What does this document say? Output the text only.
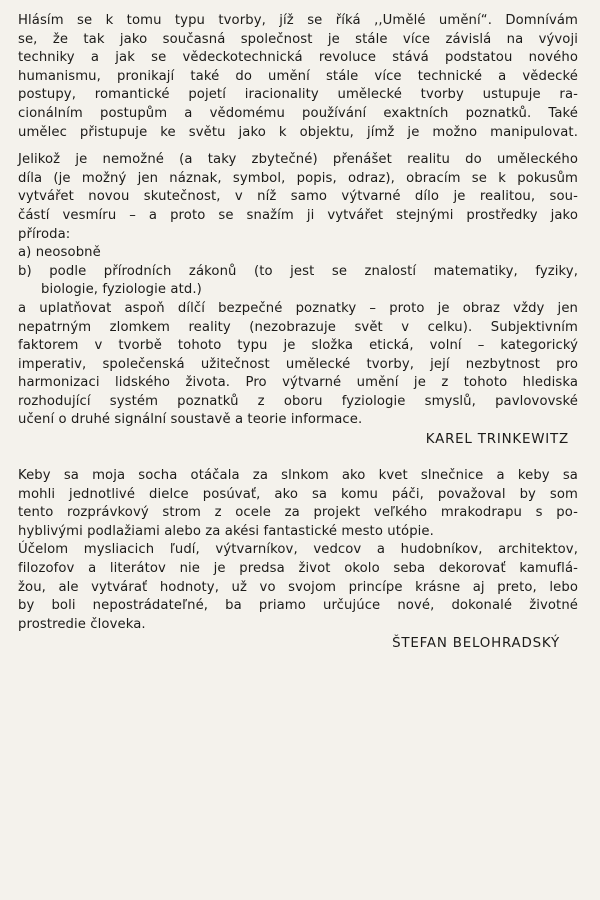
Hlásím se k tomu typu tvorby, jíž se říká ,,Umělé umění“. Domnívám
se, že tak jako současná společnost je stále více závislá na vývoji
techniky a jak se vědeckotechnická revoluce stává podstatou nového
humanismu, pronikají také do umění stále více technické a vědecké
postupy, romantické pojetí iracionality umělecké tvorby ustupuje ra-
cionálním postupům a vědomému používání exaktních poznatků. Také
umělec přistupuje ke světu jako k objektu, jímž je možno manipulovat.
Jelikož je nemožné (a taky zbytečné) přenášet realitu do uměleckého
díla (je možný jen náznak, symbol, popis, odraz), obracím se k pokusům
vytvářet novou skutečnost, v níž samo výtvarné dílo je realitou, sou-
částí vesmíru – a proto se snažím ji vytvářet stejnými prostředky jako
příroda:
a) neosobně
b) podle přírodních zákonů (to jest se znalostí matematiky, fyziky,
biologie, fyziologie atd.)
a uplatňovat aspoň dílčí bezpečné poznatky – proto je obraz vždy jen
nepatrným zlomkem reality (nezobrazuje svět v celku). Subjektivním
faktorem v tvorbě tohoto typu je složka etická, volní – kategorický
imperativ, společenská užitečnost umělecké tvorby, její nezbytnost pro
harmonizaci lidského života. Pro výtvarné umění je z tohoto hlediska
rozhodující systém poznatků z oboru fyziologie smyslů, pavlovovské
učení o druhé signální soustavě a teorie informace.
KAREL TRINKEWITZ
Keby sa moja socha otáčala za slnkom ako kvet slnečnice a keby sa
mohli jednotlivé dielce posúvať, ako sa komu páči, považoval by som
tento rozprávkový strom z ocele za projekt veľkého mrakodrapu s po-
hyblivými podlažiami alebo za akési fantastické mesto utópie.
Účelom mysliacich ľudí, výtvarníkov, vedcov a hudobníkov, architektov,
filozofov a literátov nie je predsa život okolo seba dekorovať kamuflá-
žou, ale vytvárať hodnoty, už vo svojom princípe krásne aj preto, lebo
by boli nepostrádateľné, ba priamo určujúce nové, dokonalé životné
prostredie človeka.
ŠTEFAN BELOHRADSKÝ
